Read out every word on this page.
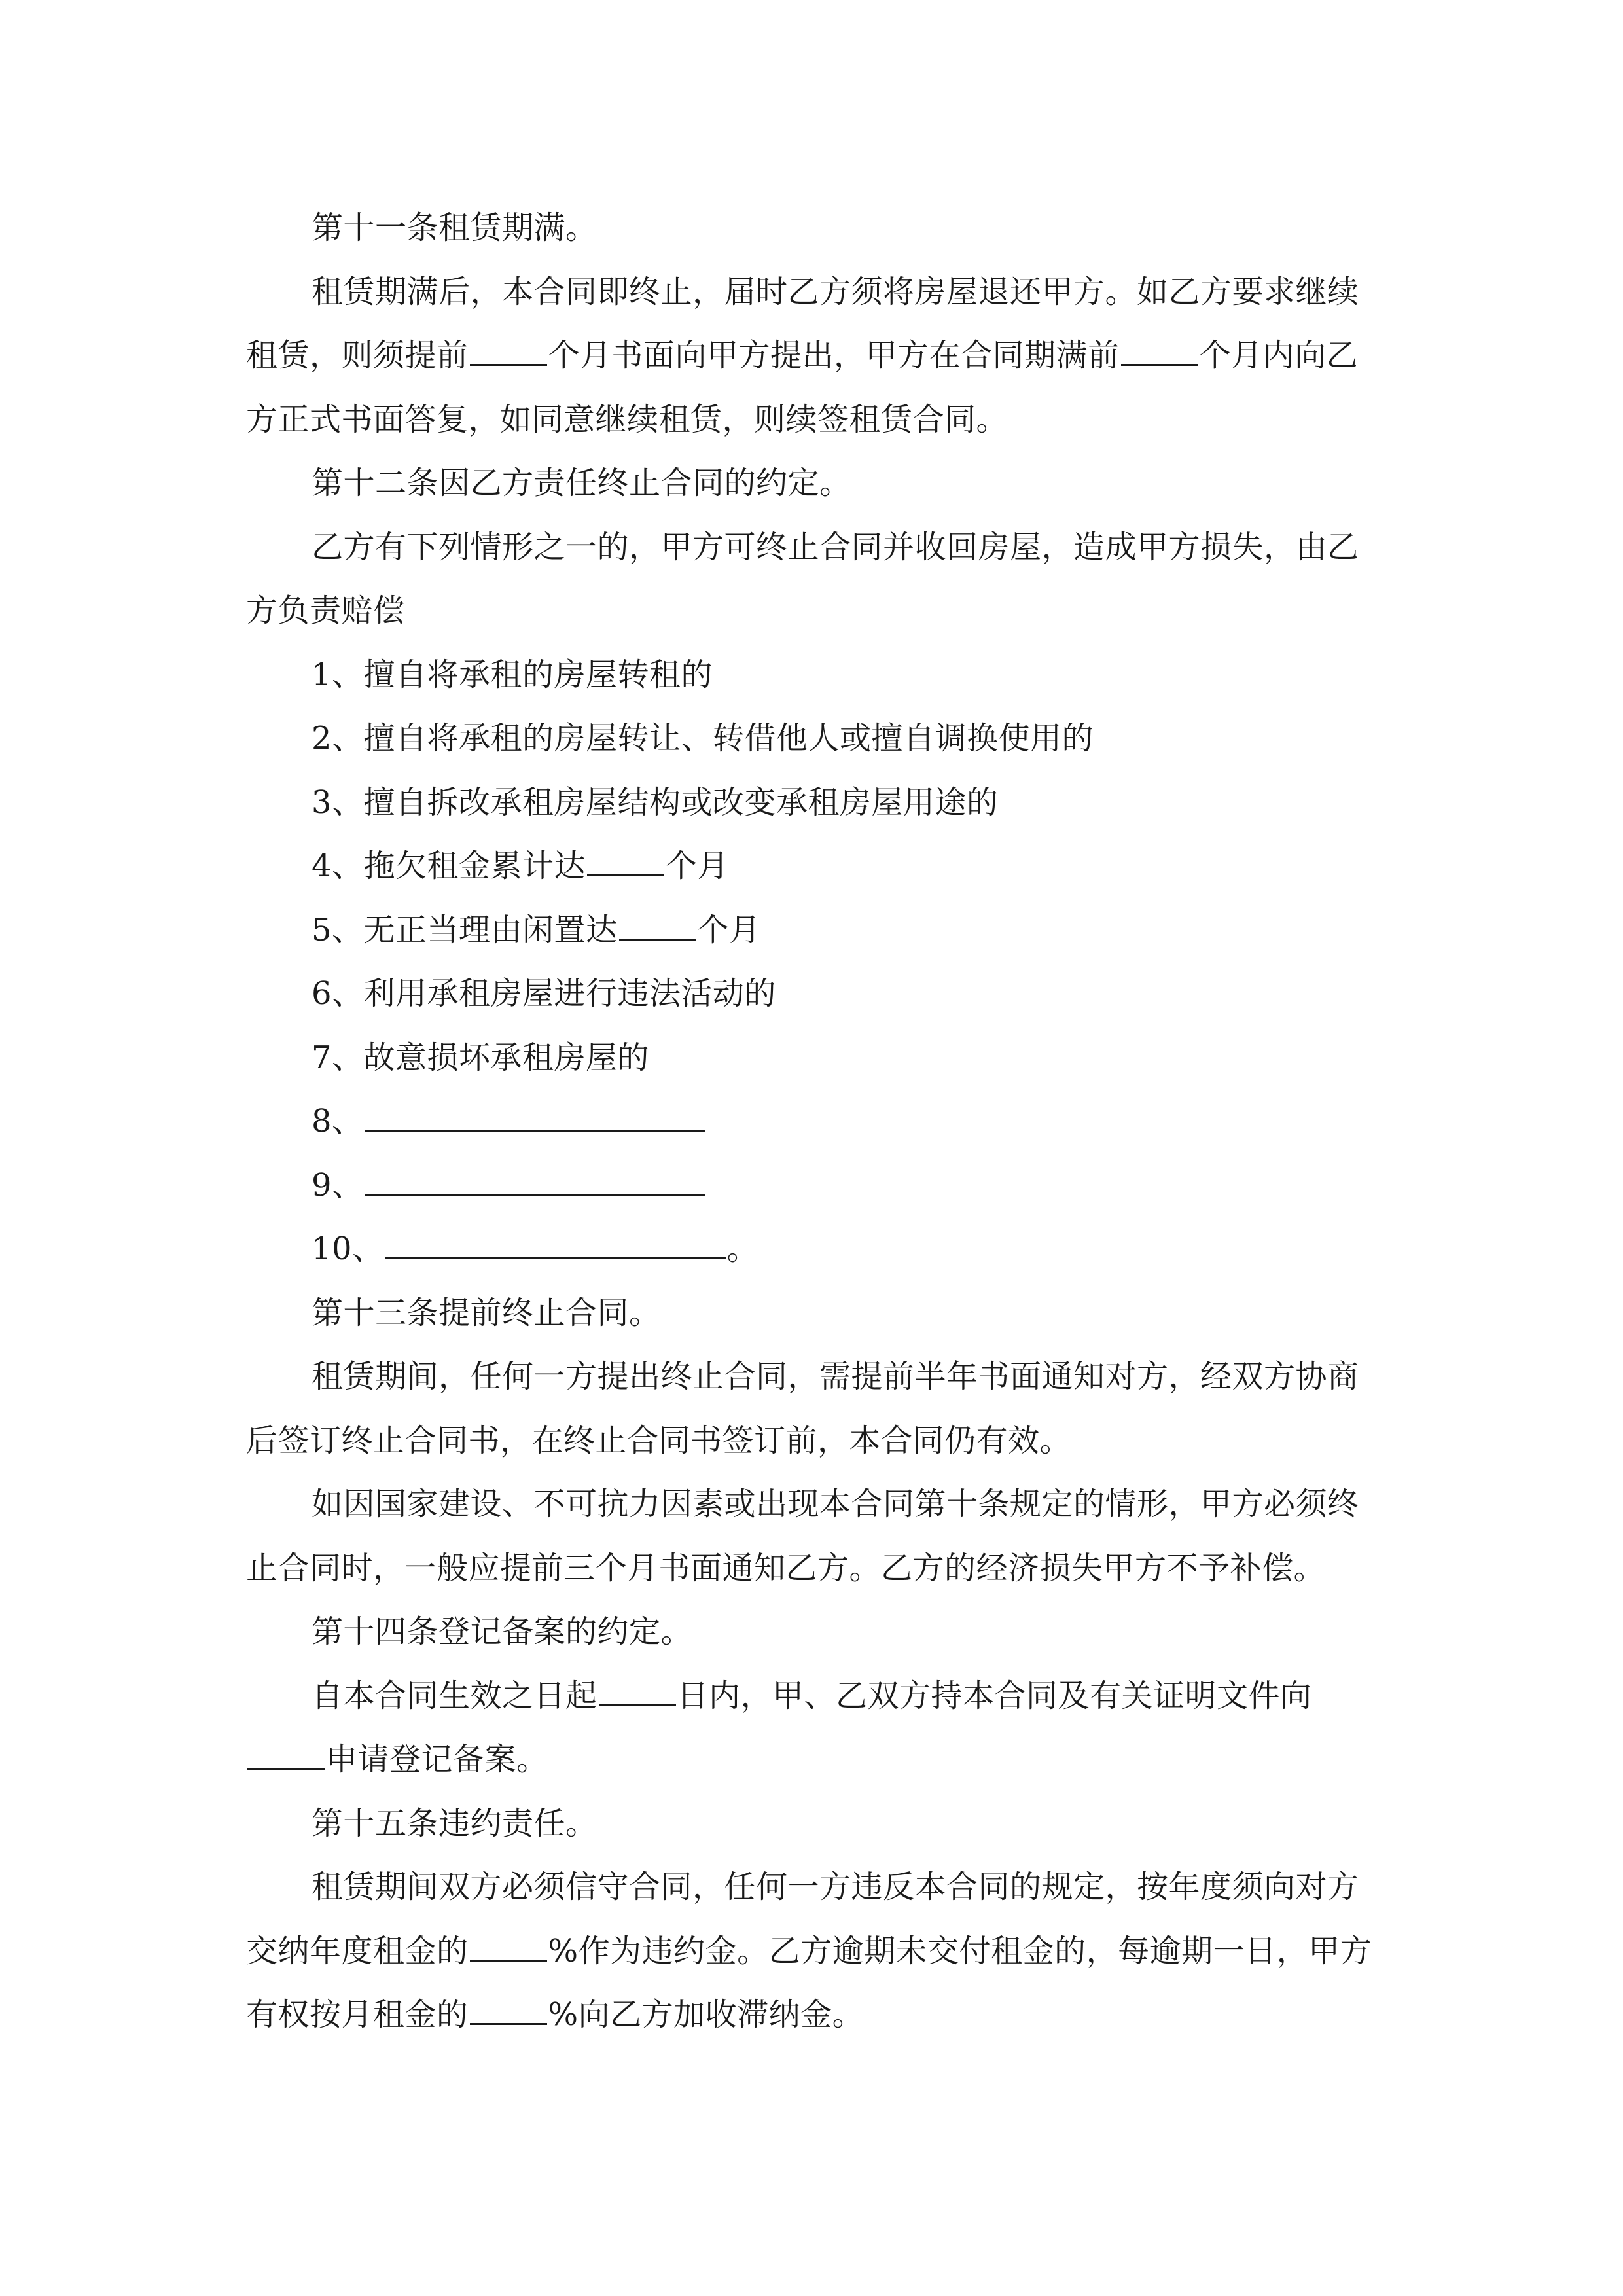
第十一条租赁期满。

租赁期满后，本合同即终止，届时乙方须将房屋退还甲方。如乙方要求继续

租赁，则须提前	个月书面向甲方提出，甲方在合同期满前	个月内向乙

方正式书面答复，如同意继续租赁，则续签租赁合同。

第十二条因乙方责任终止合同的约定。

乙方有下列情形之一的，甲方可终止合同并收回房屋，造成甲方损失，由乙

方负责赔偿

1、擅自将承租的房屋转租的

2、擅自将承租的房屋转让、转借他人或擅自调换使用的

3、擅自拆改承租房屋结构或改变承租房屋用途的

4、拖欠租金累计达	个月

5、无正当理由闲置达	个月

6、利用承租房屋进行违法活动的

7、故意损坏承租房屋的

8、

9、

10、	。

第十三条提前终止合同。

租赁期间，任何一方提出终止合同，需提前半年书面通知对方，经双方协商

后签订终止合同书，在终止合同书签订前，本合同仍有效。

如因国家建设、不可抗力因素或出现本合同第十条规定的情形，甲方必须终

止合同时，一般应提前三个月书面通知乙方。乙方的经济损失甲方不予补偿。

第十四条登记备案的约定。

自本合同生效之日起	日内，甲、乙双方持本合同及有关证明文件向

申请登记备案。

第十五条违约责任。

租赁期间双方必须信守合同，任何一方违反本合同的规定，按年度须向对方

交纳年度租金的	%作为违约金。乙方逾期未交付租金的，每逾期一日，甲方

有权按月租金的	%向乙方加收滞纳金。
